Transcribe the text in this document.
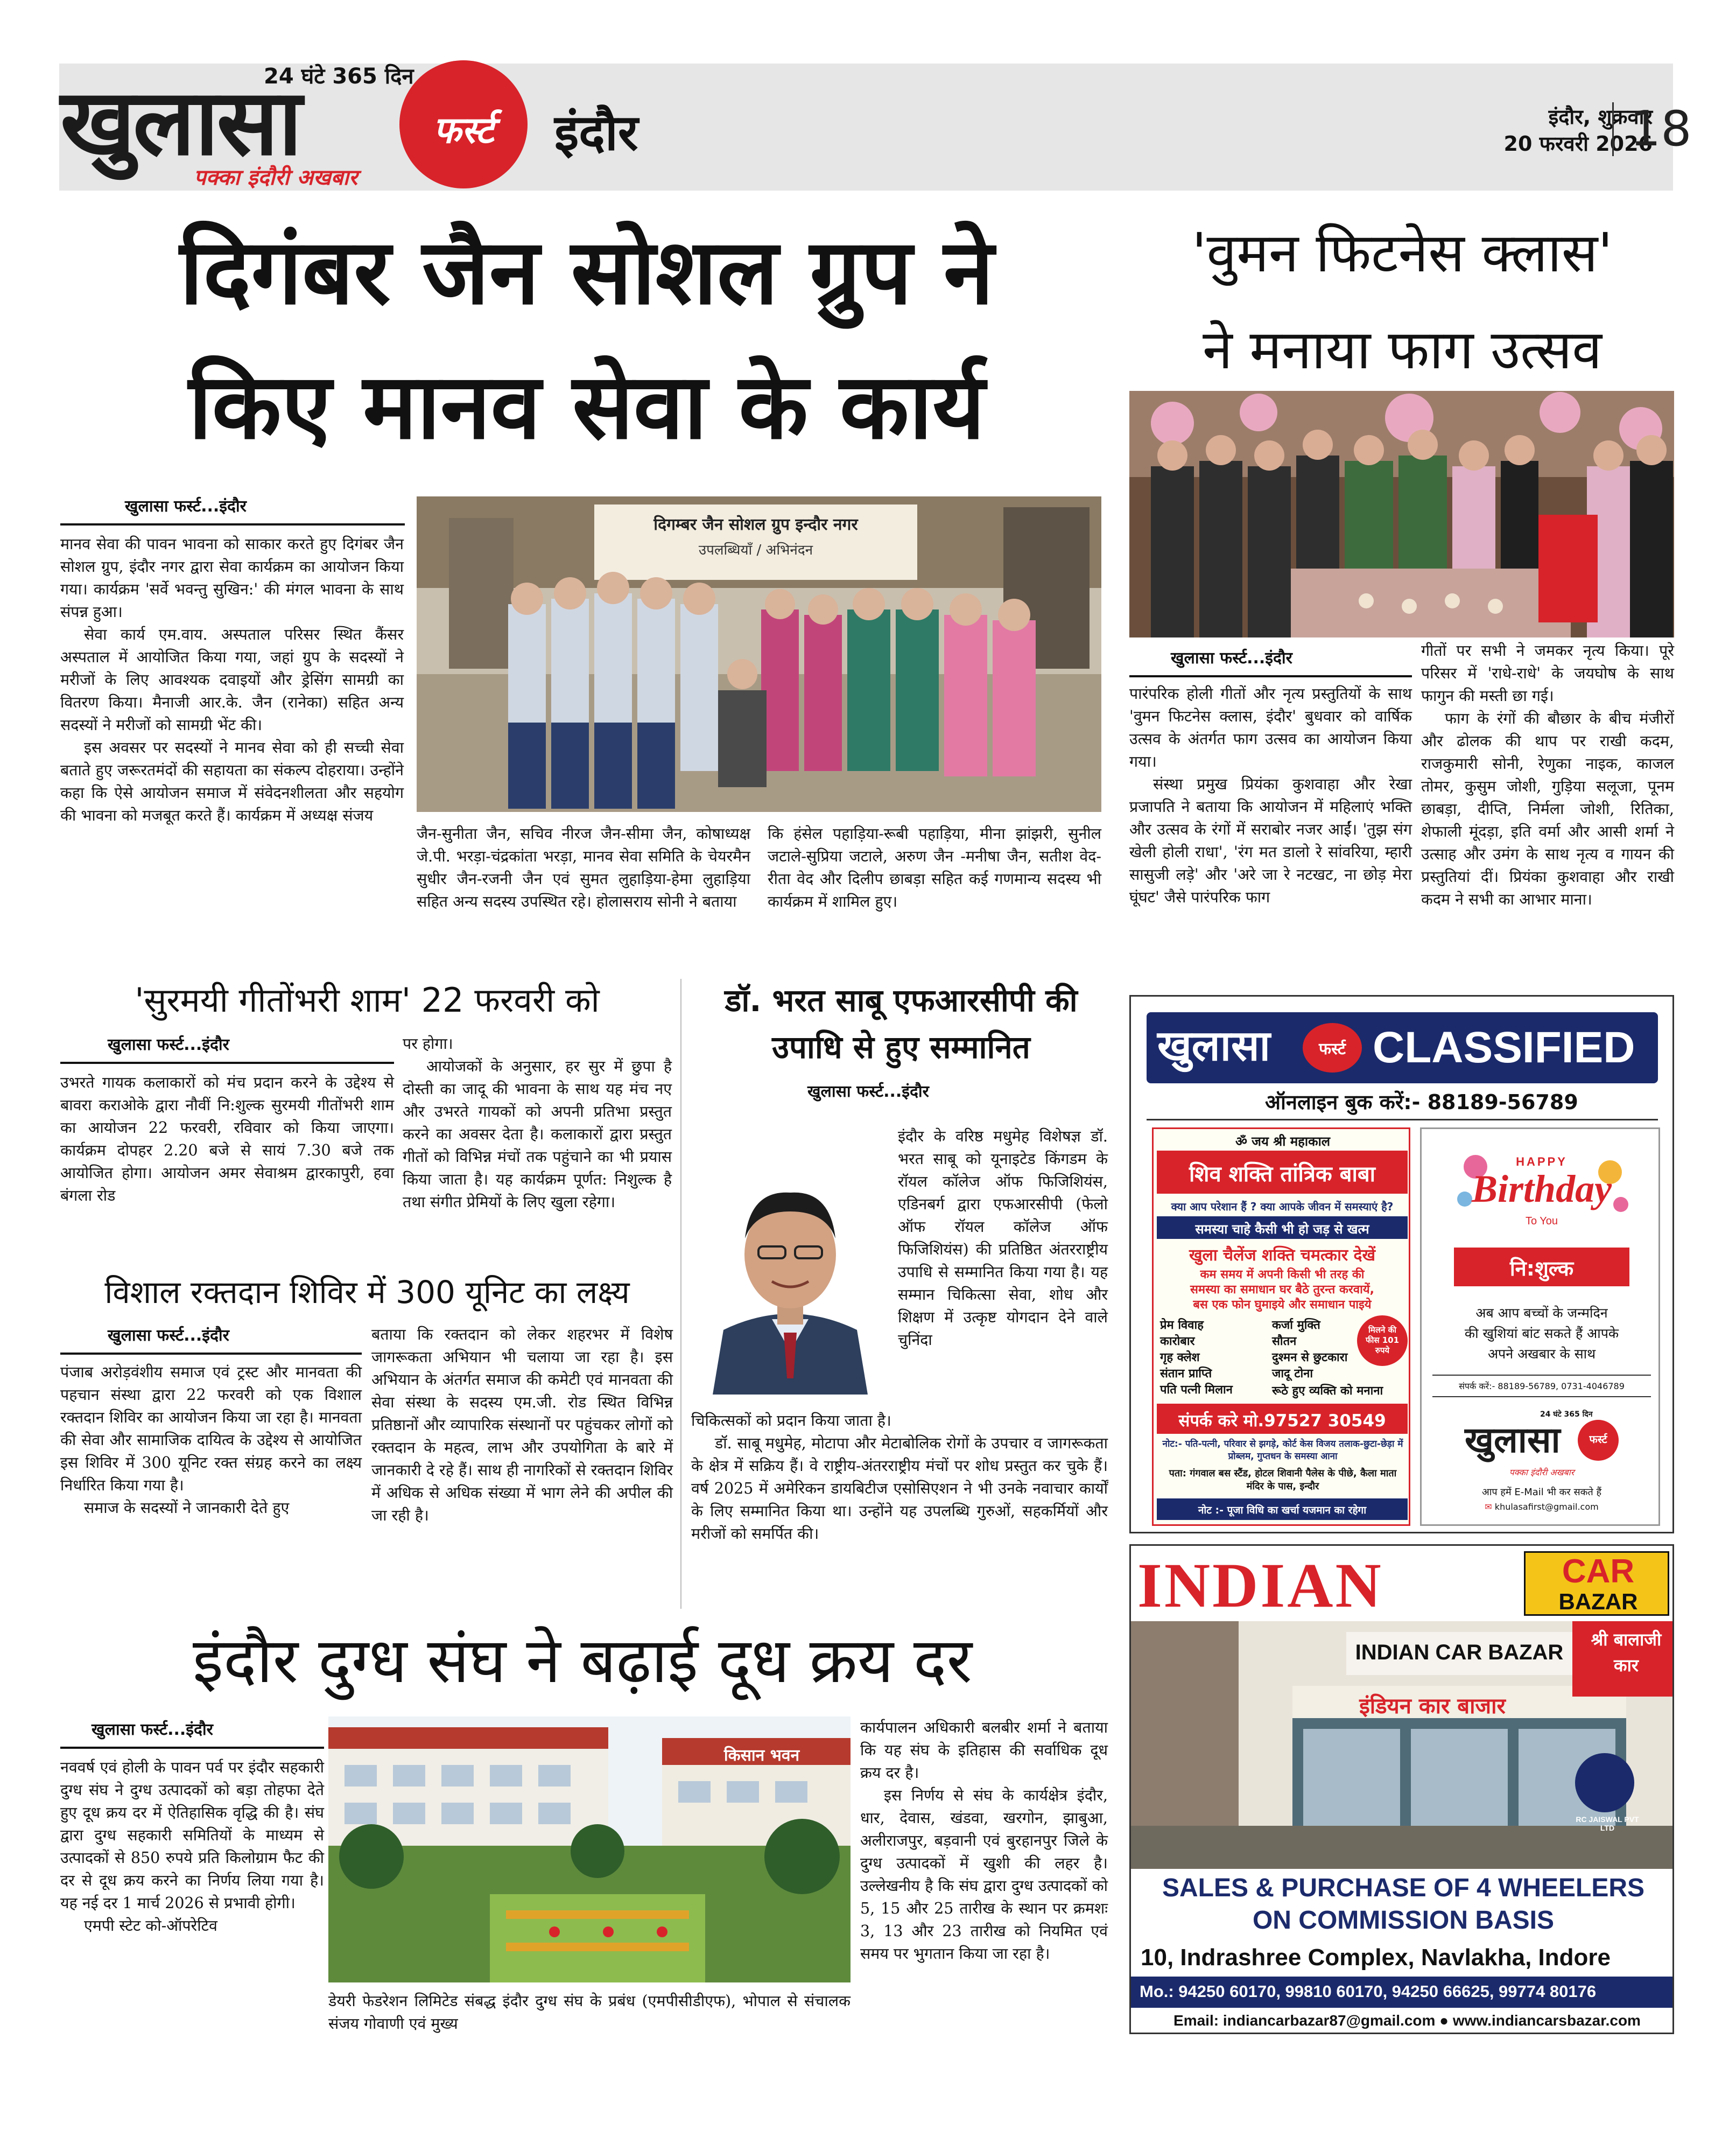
24 घंटे 365 दिन
खुलासा
पक्का इंदौरी अखबार
फर्स्ट	इंदौर	इंदौर, शुक्रवार
20 फरवरी 2026
18
दिगंबर जैन सोशल ग्रुप ने
किए मानव सेवा के कार्य
खुलासा फर्स्ट...इंदौर
दिगम्बर जैन सोशल ग्रुप इन्दौर नगर
उपलब्धियाँ / अभिनंदन

मानव सेवा की पावन भावना को साकार करते हुए दिगंबर जैन सोशल ग्रुप, इंदौर नगर द्वारा सेवा कार्यक्रम का आयोजन किया गया। कार्यक्रम 'सर्वे भवन्तु सुखिन:' की मंगल भावना के साथ संपन्न हुआ।

सेवा कार्य एम.वाय. अस्पताल परिसर स्थित कैंसर अस्पताल में आयोजित किया गया, जहां ग्रुप के सदस्यों ने मरीजों के लिए आवश्यक दवाइयों और ड्रेसिंग सामग्री का वितरण किया। मैनाजी आर.के. जैन (रानेका) सहित अन्य सदस्यों ने मरीजों को सामग्री भेंट की।

इस अवसर पर सदस्यों ने मानव सेवा को ही सच्ची सेवा बताते हुए जरूरतमंदों की सहायता का संकल्प दोहराया। उन्होंने कहा कि ऐसे आयोजन समाज में संवेदनशीलता और सहयोग की भावना को मजबूत करते हैं। कार्यक्रम में अध्यक्ष संजय

जैन-सुनीता जैन, सचिव नीरज जैन-सीमा जैन, कोषाध्यक्ष जे.पी. भरड़ा-चंद्रकांता भरड़ा, मानव सेवा समिति के चेयरमैन सुधीर जैन-रजनी जैन एवं सुमत लुहाड़िया-हेमा लुहाड़िया सहित अन्य सदस्य उपस्थित रहे। होलासराय सोनी ने बताया

कि हंसेल पहाड़िया-रूबी पहाड़िया, मीना झांझरी, सुनील जटाले-सुप्रिया जटाले, अरुण जैन -मनीषा जैन, सतीश वेद-रीता वेद और दिलीप छाबड़ा सहित कई गणमान्य सदस्य भी कार्यक्रम में शामिल हुए।

'वुमन फिटनेस क्लास'
ने मनाया फाग उत्सव
खुलासा फर्स्ट...इंदौर

पारंपरिक होली गीतों और नृत्य प्रस्तुतियों के साथ 'वुमन फिटनेस क्लास, इंदौर' बुधवार को वार्षिक उत्सव के अंतर्गत फाग उत्सव का आयोजन किया गया।

संस्था प्रमुख प्रियंका कुशवाहा और रेखा प्रजापति ने बताया कि आयोजन में महिलाएं भक्ति और उत्सव के रंगों में सराबोर नजर आईं। 'तुझ संग खेली होली राधा', 'रंग मत डालो रे सांवरिया, म्हारी सासुजी लड़े' और 'अरे जा रे नटखट, ना छोड़ मेरा घूंघट' जैसे पारंपरिक फाग

गीतों पर सभी ने जमकर नृत्य किया। पूरे परिसर में 'राधे-राधे' के जयघोष के साथ फागुन की मस्ती छा गई।

फाग के रंगों की बौछार के बीच मंजीरों और ढोलक की थाप पर राखी कदम, राजकुमारी सोनी, रेणुका नाइक, काजल तोमर, कुसुम जोशी, गुड़िया सलूजा, पूनम छाबड़ा, दीप्ति, निर्मला जोशी, रितिका, शेफाली मूंदड़ा, इति वर्मा और आसी शर्मा ने उत्साह और उमंग के साथ नृत्य व गायन की प्रस्तुतियां दीं। प्रियंका कुशवाहा और राखी कदम ने सभी का आभार माना।

'सुरमयी गीतोंभरी शाम' 22 फरवरी को
खुलासा फर्स्ट...इंदौर

उभरते गायक कलाकारों को मंच प्रदान करने के उद्देश्य से बावरा कराओके द्वारा नौवीं नि:शुल्क सुरमयी गीतोंभरी शाम का आयोजन 22 फरवरी, रविवार को किया जाएगा। कार्यक्रम दोपहर 2.20 बजे से सायं 7.30 बजे तक आयोजित होगा। आयोजन अमर सेवाश्रम द्वारकापुरी, हवा बंगला रोड

पर होगा।

आयोजकों के अनुसार, हर सुर में छुपा है दोस्ती का जादू की भावना के साथ यह मंच नए और उभरते गायकों को अपनी प्रतिभा प्रस्तुत करने का अवसर देता है। कलाकारों द्वारा प्रस्तुत गीतों को विभिन्न मंचों तक पहुंचाने का भी प्रयास किया जाता है। यह कार्यक्रम पूर्णत: निशुल्क है तथा संगीत प्रेमियों के लिए खुला रहेगा।

विशाल रक्तदान शिविर में 300 यूनिट का लक्ष्य
खुलासा फर्स्ट...इंदौर

पंजाब अरोड़वंशीय समाज एवं ट्रस्ट और मानवता की पहचान संस्था द्वारा 22 फरवरी को एक विशाल रक्तदान शिविर का आयोजन किया जा रहा है। मानवता की सेवा और सामाजिक दायित्व के उद्देश्य से आयोजित इस शिविर में 300 यूनिट रक्त संग्रह करने का लक्ष्य निर्धारित किया गया है।

समाज के सदस्यों ने जानकारी देते हुए

बताया कि रक्तदान को लेकर शहरभर में विशेष जागरूकता अभियान भी चलाया जा रहा है। इस अभियान के अंतर्गत समाज की कमेटी एवं मानवता की सेवा संस्था के सदस्य एम.जी. रोड स्थित विभिन्न प्रतिष्ठानों और व्यापारिक संस्थानों पर पहुंचकर लोगों को रक्तदान के महत्व, लाभ और उपयोगिता के बारे में जानकारी दे रहे हैं। साथ ही नागरिकों से रक्तदान शिविर में अधिक से अधिक संख्या में भाग लेने की अपील की जा रही है।

डॉ. भरत साबू एफआरसीपी की
उपाधि से हुए सम्मानित
खुलासा फर्स्ट...इंदौर

इंदौर के वरिष्ठ मधुमेह विशेषज्ञ डॉ. भरत साबू को यूनाइटेड किंगडम के रॉयल कॉलेज ऑफ फिजिशियंस, एडिनबर्ग द्वारा एफआरसीपी (फेलो ऑफ रॉयल कॉलेज ऑफ फिजिशियंस) की प्रतिष्ठित अंतरराष्ट्रीय उपाधि से सम्मानित किया गया है। यह सम्मान चिकित्सा सेवा, शोध और शिक्षण में उत्कृष्ट योगदान देने वाले चुनिंदा

चिकित्सकों को प्रदान किया जाता है।

डॉ. साबू मधुमेह, मोटापा और मेटाबोलिक रोगों के उपचार व जागरूकता के क्षेत्र में सक्रिय हैं। वे राष्ट्रीय-अंतरराष्ट्रीय मंचों पर शोध प्रस्तुत कर चुके हैं। वर्ष 2025 में अमेरिकन डायबिटीज एसोसिएशन ने भी उनके नवाचार कार्यों के लिए सम्मानित किया था। उन्होंने यह उपलब्धि गुरुओं, सहकर्मियों और मरीजों को समर्पित की।

इंदौर दुग्ध संघ ने बढ़ाई दूध क्रय दर
खुलासा फर्स्ट...इंदौर
किसान भवन

नववर्ष एवं होली के पावन पर्व पर इंदौर सहकारी दुग्ध संघ ने दुग्ध उत्पादकों को बड़ा तोहफा देते हुए दूध क्रय दर में ऐतिहासिक वृद्धि की है। संघ द्वारा दुग्ध सहकारी समितियों के माध्यम से उत्पादकों से 850 रुपये प्रति किलोग्राम फैट की दर से दूध क्रय करने का निर्णय लिया गया है। यह नई दर 1 मार्च 2026 से प्रभावी होगी।

एमपी स्टेट को-ऑपरेटिव

डेयरी फेडरेशन लिमिटेड संबद्ध इंदौर दुग्ध संघ के प्रबंध (एमपीसीडीएफ), भोपाल से संचालक संजय गोवाणी एवं मुख्य

कार्यपालन अधिकारी बलबीर शर्मा ने बताया कि यह संघ के इतिहास की सर्वाधिक दूध क्रय दर है।

इस निर्णय से संघ के कार्यक्षेत्र इंदौर, धार, देवास, खंडवा, खरगोन, झाबुआ, अलीराजपुर, बड़वानी एवं बुरहानपुर जिले के दुग्ध उत्पादकों में खुशी की लहर है। उल्लेखनीय है कि संघ द्वारा दुग्ध उत्पादकों को 5, 15 और 25 तारीख के स्थान पर क्रमशः 3, 13 और 23 तारीख को नियमित एवं समय पर भुगतान किया जा रहा है।

खुलासा	फर्स्ट CLASSIFIED
ऑनलाइन बुक करें:- 88189-56789
ॐ जय श्री महाकाल
शिव शक्ति तांत्रिक बाबा
क्या आप परेशान हैं ? क्या आपके जीवन में समस्याएं है?
समस्या चाहे कैसी भी हो जड़ से खत्म
खुला चैलेंज शक्ति चमत्कार देखें
कम समय में अपनी किसी भी तरह की
समस्या का समाधान घर बैठे तुरन्त करवायें,
बस एक फोन घुमाइये और समाधान पाइये
प्रेम विवाह
कारोबार
गृह क्लेश
संतान प्राप्ति
पति पत्नी मिलान
कर्जा मुक्ति
सौतन
दुश्मन से छुटकारा
जादू टोना
रूठे हुए व्यक्ति को मनाना
मिलने की फीस 101 रुपये
संपर्क करे मो.97527 30549
नोट:- पति-पत्नी, परिवार से झगड़े, कोर्ट केस विजय तलाक-छुटा-छेड़ा में प्रोब्लम, गुप्तधन के समस्या आना
पता: गंगवाल बस स्टैंड, होटल शिवानी पैलेस के पीछे, कैला माता मंदिर के पास, इन्दौर
नोट :- पूजा विधि का खर्चा यजमान का रहेगा
HAPPY
Birthday
To You
नि:शुल्क
अब आप बच्चों के जन्मदिन
की खुशियां बांट सकते हैं आपके
अपने अखबार के साथ
संपर्क करें:- 88189-56789, 0731-4046789
24 घंटे 365 दिन
खुलासा	फर्स्ट
पक्का इंदौरी अखबार
आप हमें E-Mail भी कर सकते हैं
✉ khulasafirst@gmail.com
INDIAN	CAR
BAZAR
श्री बालाजी कार
INDIAN CAR BAZAR
इंडियन कार बाजार
RC JAISWAL PVT LTD
SALES & PURCHASE OF 4 WHEELERS
ON COMMISSION BASIS
10, Indrashree Complex, Navlakha, Indore
Mo.: 94250 60170, 99810 60170, 94250 66625, 99774 80176
Email: indiancarbazar87@gmail.com ● www.indiancarsbazar.com
